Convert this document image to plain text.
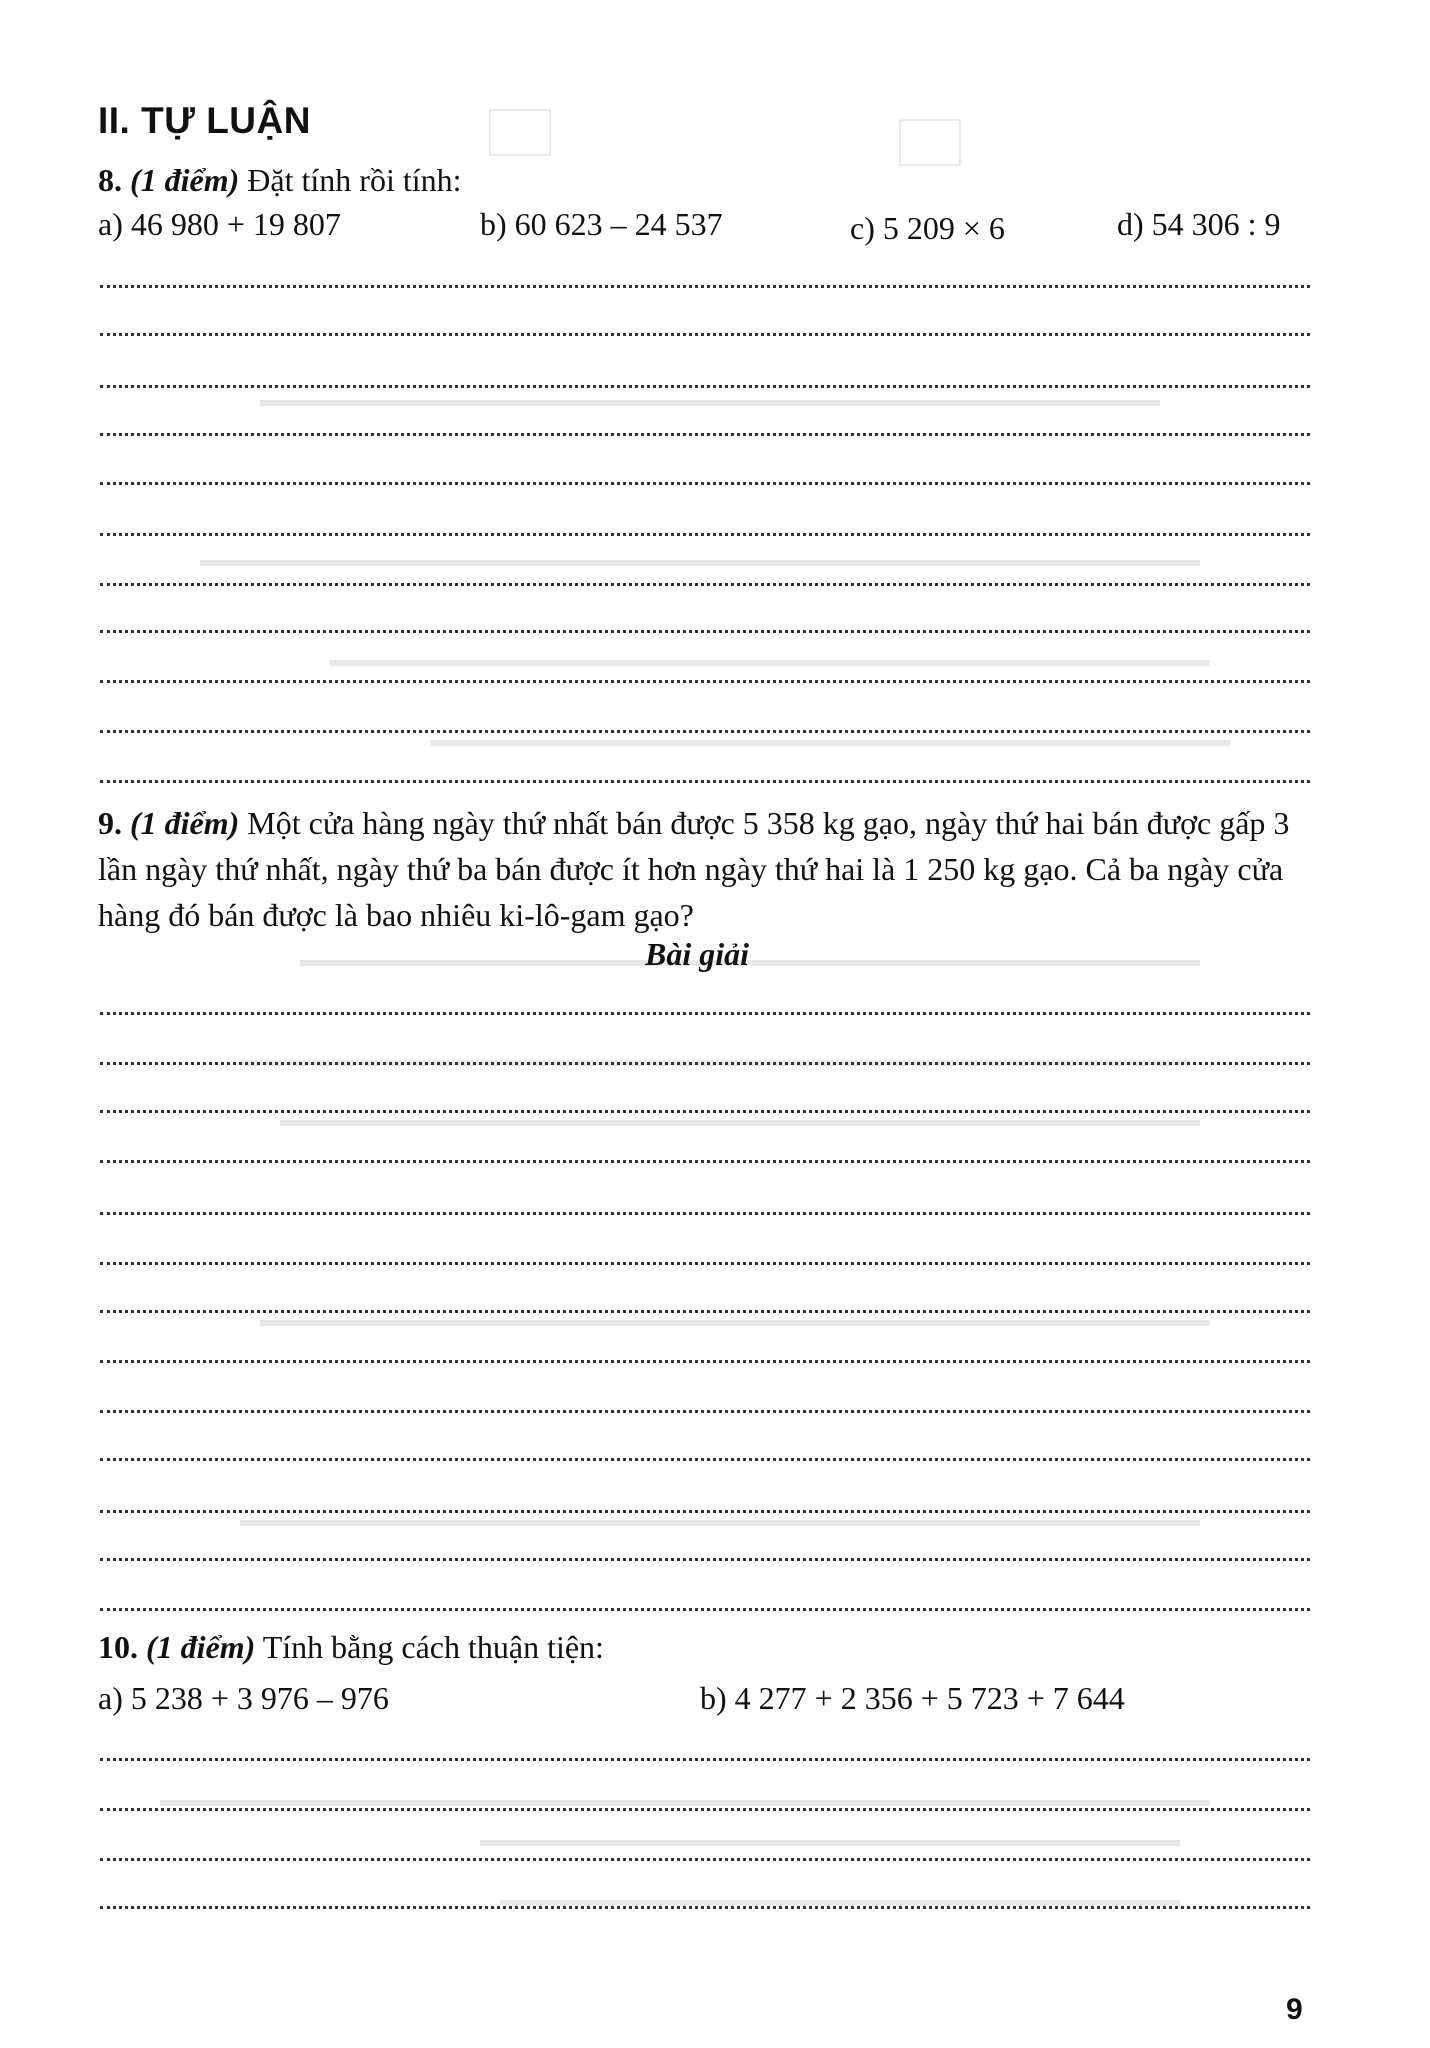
II. TỰ LUẬN
8. (1 điểm) Đặt tính rồi tính:
a) 46 980 + 19 807	b) 60 623 – 24 537	c) 5 209 × 6	d) 54 306 : 9
9. (1 điểm) Một cửa hàng ngày thứ nhất bán được 5 358 kg gạo, ngày thứ hai bán được gấp 3 lần ngày thứ nhất, ngày thứ ba bán được ít hơn ngày thứ hai là 1 250 kg gạo. Cả ba ngày cửa hàng đó bán được là bao nhiêu ki-lô-gam gạo?
Bài giải
10. (1 điểm) Tính bằng cách thuận tiện:
a) 5 238 + 3 976 – 976	b) 4 277 + 2 356 + 5 723 + 7 644
9
